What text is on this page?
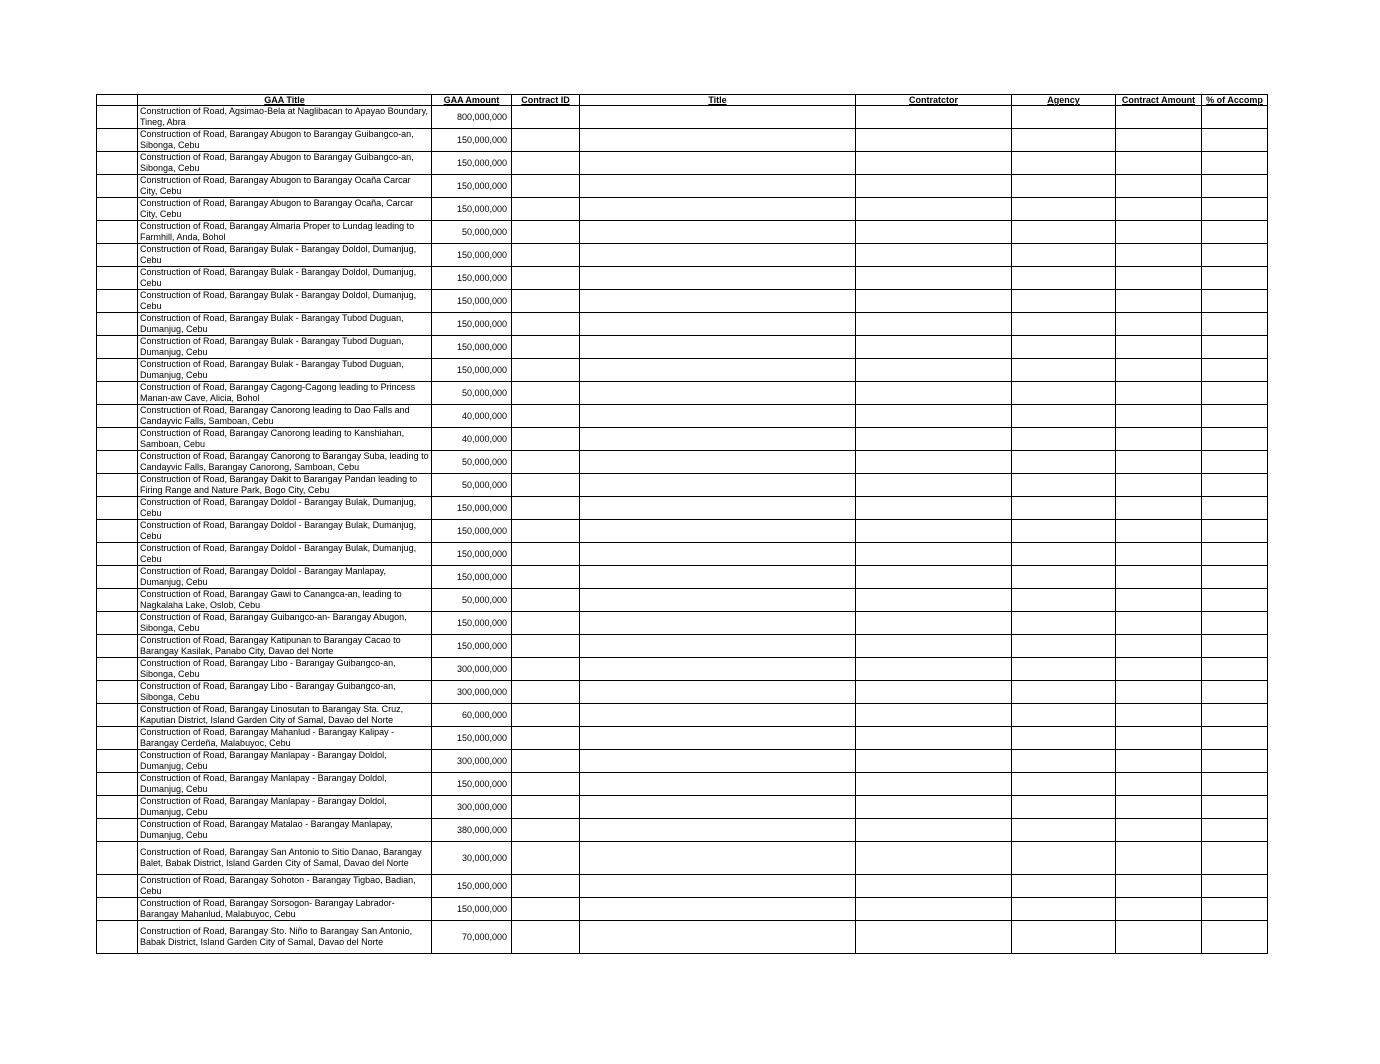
	GAA Title	GAA Amount	Contract ID	Title	Contratctor	Agency	Contract Amount	% of Accomp
	Construction of Road, Agsimao-Bela at Naglibacan to Apayao Boundary, Tineg, Abra	800,000,000						
	Construction of Road, Barangay Abugon to Barangay Guibangco-an, Sibonga, Cebu	150,000,000						
	Construction of Road, Barangay Abugon to Barangay Guibangco-an, Sibonga, Cebu	150,000,000						
	Construction of Road, Barangay Abugon to Barangay Ocaña Carcar City, Cebu	150,000,000						
	Construction of Road, Barangay Abugon to Barangay Ocaña, Carcar City, Cebu	150,000,000						
	Construction of Road, Barangay Almaria Proper to Lundag leading to Farmhill, Anda, Bohol	50,000,000						
	Construction of Road, Barangay Bulak - Barangay Doldol, Dumanjug, Cebu	150,000,000						
	Construction of Road, Barangay Bulak - Barangay Doldol, Dumanjug, Cebu	150,000,000						
	Construction of Road, Barangay Bulak - Barangay Doldol, Dumanjug, Cebu	150,000,000						
	Construction of Road, Barangay Bulak - Barangay Tubod Duguan, Dumanjug, Cebu	150,000,000						
	Construction of Road, Barangay Bulak - Barangay Tubod Duguan, Dumanjug, Cebu	150,000,000						
	Construction of Road, Barangay Bulak - Barangay Tubod Duguan, Dumanjug, Cebu	150,000,000						
	Construction of Road, Barangay Cagong-Cagong leading to Princess Manan-aw Cave, Alicia, Bohol	50,000,000						
	Construction of Road, Barangay Canorong leading to Dao Falls and Candayvic Falls, Samboan, Cebu	40,000,000						
	Construction of Road, Barangay Canorong leading to Kanshiahan, Samboan, Cebu	40,000,000						
	Construction of Road, Barangay Canorong to Barangay Suba, leading to Candayvic Falls, Barangay Canorong, Samboan, Cebu	50,000,000						
	Construction of Road, Barangay Dakit to Barangay Pandan leading to Firing Range and Nature Park, Bogo City, Cebu	50,000,000						
	Construction of Road, Barangay Doldol - Barangay Bulak, Dumanjug, Cebu	150,000,000						
	Construction of Road, Barangay Doldol - Barangay Bulak, Dumanjug, Cebu	150,000,000						
	Construction of Road, Barangay Doldol - Barangay Bulak, Dumanjug, Cebu	150,000,000						
	Construction of Road, Barangay Doldol - Barangay Manlapay, Dumanjug, Cebu	150,000,000						
	Construction of Road, Barangay Gawi to Canangca-an, leading to Nagkalaha Lake, Oslob, Cebu	50,000,000						
	Construction of Road, Barangay Guibangco-an- Barangay Abugon, Sibonga, Cebu	150,000,000						
	Construction of Road, Barangay Katipunan to Barangay Cacao to Barangay Kasilak, Panabo City, Davao del Norte	150,000,000						
	Construction of Road, Barangay Libo - Barangay Guibangco-an, Sibonga, Cebu	300,000,000						
	Construction of Road, Barangay Libo - Barangay Guibangco-an, Sibonga, Cebu	300,000,000						
	Construction of Road, Barangay Linosutan to Barangay Sta. Cruz, Kaputian District, Island Garden City of Samal, Davao del Norte	60,000,000						
	Construction of Road, Barangay Mahanlud - Barangay Kalipay - Barangay Cerdeña, Malabuyoc, Cebu	150,000,000						
	Construction of Road, Barangay Manlapay - Barangay Doldol, Dumanjug, Cebu	300,000,000						
	Construction of Road, Barangay Manlapay - Barangay Doldol, Dumanjug, Cebu	150,000,000						
	Construction of Road, Barangay Manlapay - Barangay Doldol, Dumanjug, Cebu	300,000,000						
	Construction of Road, Barangay Matalao - Barangay Manlapay, Dumanjug, Cebu	380,000,000						
	Construction of Road, Barangay San Antonio to Sitio Danao, Barangay Balet, Babak District, Island Garden City of Samal, Davao del Norte	30,000,000						
	Construction of Road, Barangay Sohoton - Barangay Tigbao, Badian, Cebu	150,000,000						
	Construction of Road, Barangay Sorsogon- Barangay Labrador-Barangay Mahanlud, Malabuyoc, Cebu	150,000,000						
	Construction of Road, Barangay Sto. Niño to Barangay San Antonio, Babak District, Island Garden City of Samal, Davao del Norte	70,000,000						
